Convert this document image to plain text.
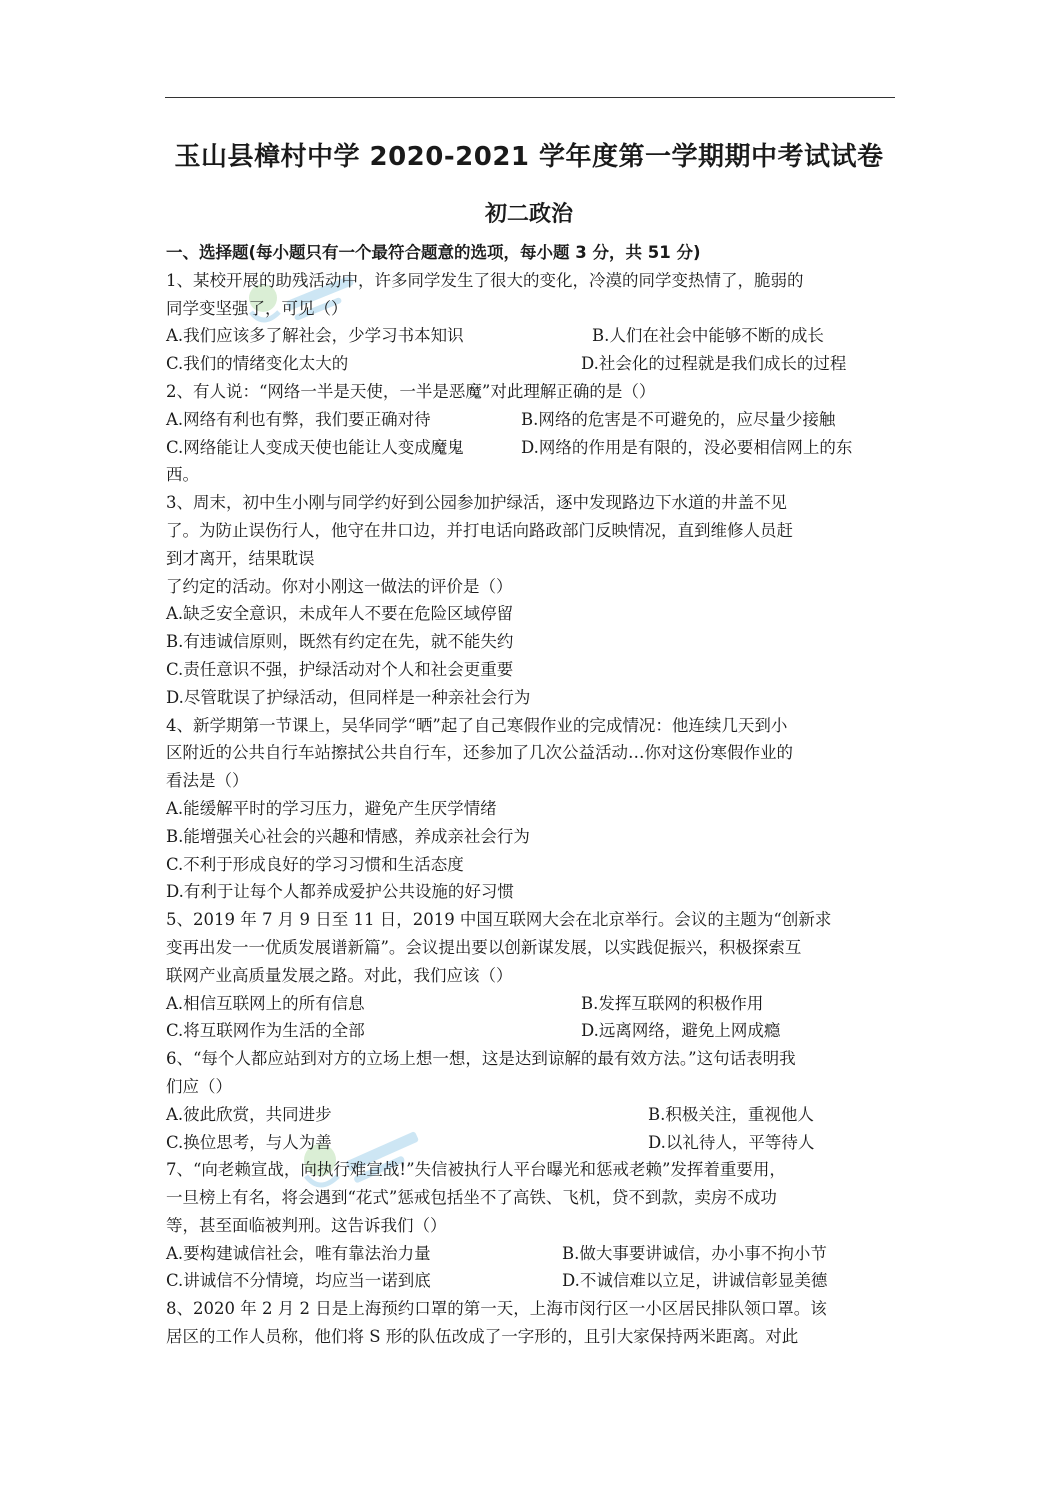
玉山县樟村中学 2020-2021 学年度第一学期期中考试试卷
初二政治

一、选择题(每小题只有一个最符合题意的选项，每小题 3 分，共 51 分)

1、某校开展的助残活动中，许多同学发生了很大的变化，冷漠的同学变热情了，脆弱的

同学变坚强了，可见（）

A.我们应该多了解社会，少学习书本知识	B.人们在社会中能够不断的成长

C.我们的情绪变化太大的	D.社会化的过程就是我们成长的过程

2、有人说：“网络一半是天使，一半是恶魔”对此理解正确的是（）

A.网络有利也有弊，我们要正确对待	B.网络的危害是不可避免的，应尽量少接触

C.网络能让人变成天使也能让人变成魔鬼	D.网络的作用是有限的，没必要相信网上的东

西。

3、周末，初中生小刚与同学约好到公园参加护绿活，逐中发现路边下水道的井盖不见

了。为防止误伤行人，他守在井口边，并打电话向路政部门反映情况，直到维修人员赶

到才离开，结果耽误

了约定的活动。你对小刚这一做法的评价是（）

A.缺乏安全意识，未成年人不要在危险区域停留

B.有违诚信原则，既然有约定在先，就不能失约

C.责任意识不强，护绿活动对个人和社会更重要

D.尽管耽误了护绿活动，但同样是一种亲社会行为

4、新学期第一节课上，吴华同学“晒”起了自己寒假作业的完成情况：他连续几天到小

区附近的公共自行车站擦拭公共自行车，还参加了几次公益活动…你对这份寒假作业的

看法是（）

A.能缓解平时的学习压力，避免产生厌学情绪

B.能增强关心社会的兴趣和情感，养成亲社会行为

C.不利于形成良好的学习习惯和生活态度

D.有利于让每个人都养成爱护公共设施的好习惯

5、2019 年 7 月 9 日至 11 日，2019 中国互联网大会在北京举行。会议的主题为“创新求

变再出发一一优质发展谱新篇”。会议提出要以创新谋发展，以实践促振兴，积极探索互

联网产业高质量发展之路。对此，我们应该（）

A.相信互联网上的所有信息	B.发挥互联网的积极作用

C.将互联网作为生活的全部	D.远离网络，避免上网成瘾

6、“每个人都应站到对方的立场上想一想，这是达到谅解的最有效方法。”这句话表明我

们应（）

A.彼此欣赏，共同进步	B.积极关注，重视他人

C.换位思考，与人为善	D.以礼待人，平等待人

7、“向老赖宣战，向执行难宣战!”失信被执行人平台曝光和惩戒老赖”发挥着重要用，

一旦榜上有名，将会遇到“花式”惩戒包括坐不了高铁、飞机，贷不到款，卖房不成功

等，甚至面临被判刑。这告诉我们（）

A.要构建诚信社会，唯有靠法治力量	B.做大事要讲诚信，办小事不拘小节

C.讲诚信不分情境，均应当一诺到底	D.不诚信难以立足，讲诚信彰显美德

8、2020 年 2 月 2 日是上海预约口罩的第一天，上海市闵行区一小区居民排队领口罩。该

居区的工作人员称，他们将 S 形的队伍改成了一字形的，且引大家保持两米距离。对此
